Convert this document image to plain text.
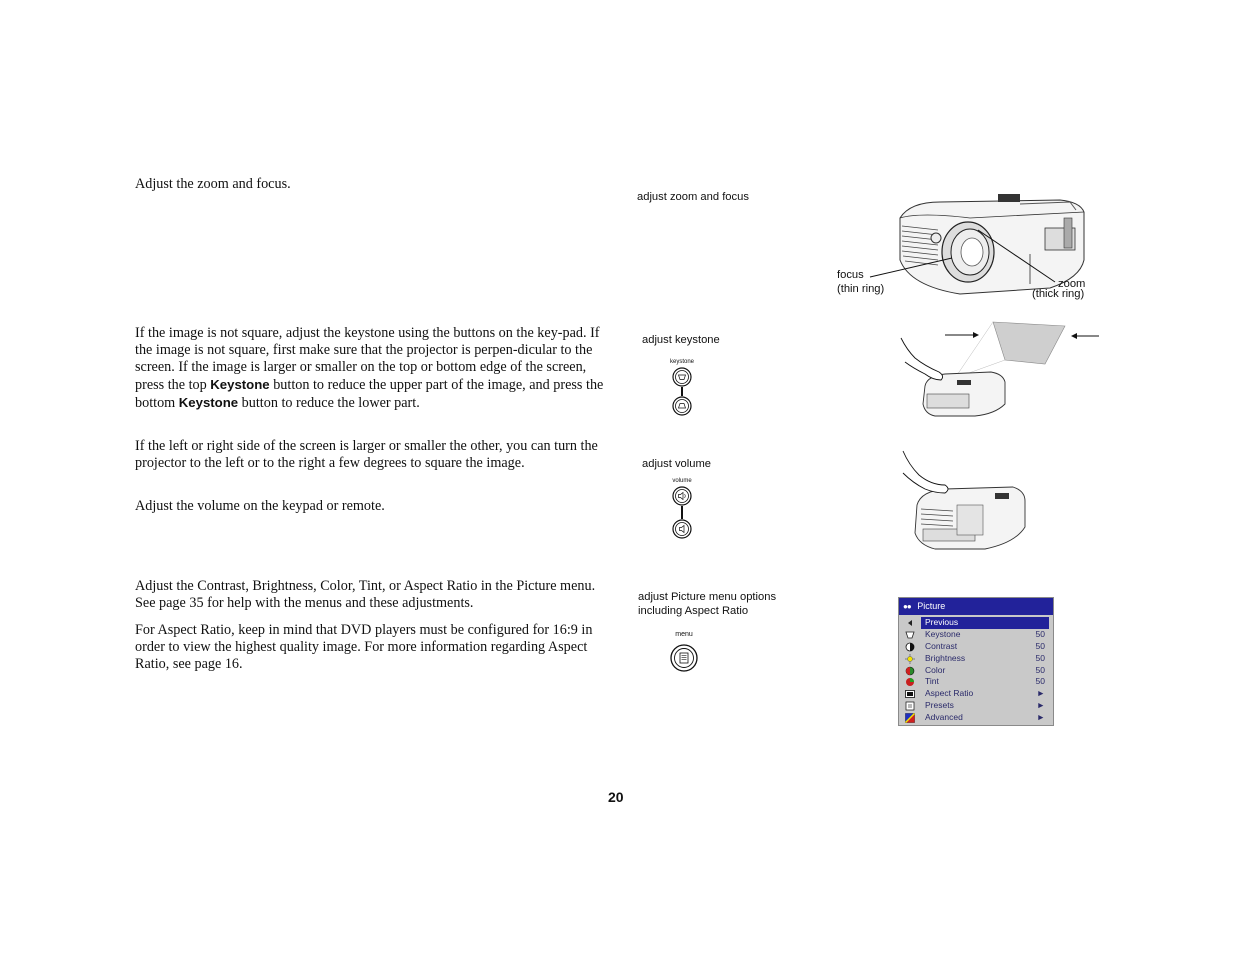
Adjust the zoom and focus.

If the image is not square, adjust the keystone using the buttons on the key-pad. If the image is not square, first make sure that the projector is perpen-dicular to the screen. If the image is larger or smaller on the top or bottom edge of the screen, press the top Keystone button to reduce the upper part of the image, and press the bottom Keystone button to reduce the lower part.

If the left or right side of the screen is larger or smaller the other, you can turn the projector to the left or to the right a few degrees to square the image.

Adjust the volume on the keypad or remote.

Adjust the Contrast, Brightness, Color, Tint, or Aspect Ratio in the Picture menu. See page 35 for help with the menus and these adjustments.

For Aspect Ratio, keep in mind that DVD players must be configured for 16:9 in order to view the highest quality image. For more information regarding Aspect Ratio, see page 16.

adjust zoom and focus
focus
(thin ring)	zoom
(thick ring)
adjust keystone
keystone
adjust volume
volume
adjust Picture menu options
including Aspect Ratio
menu
●● Picture
Previous
Keystone	50
Contrast	50
Brightness	50
Color	50
Tint	50
Aspect Ratio	►
Presets	►
Advanced	►
20
